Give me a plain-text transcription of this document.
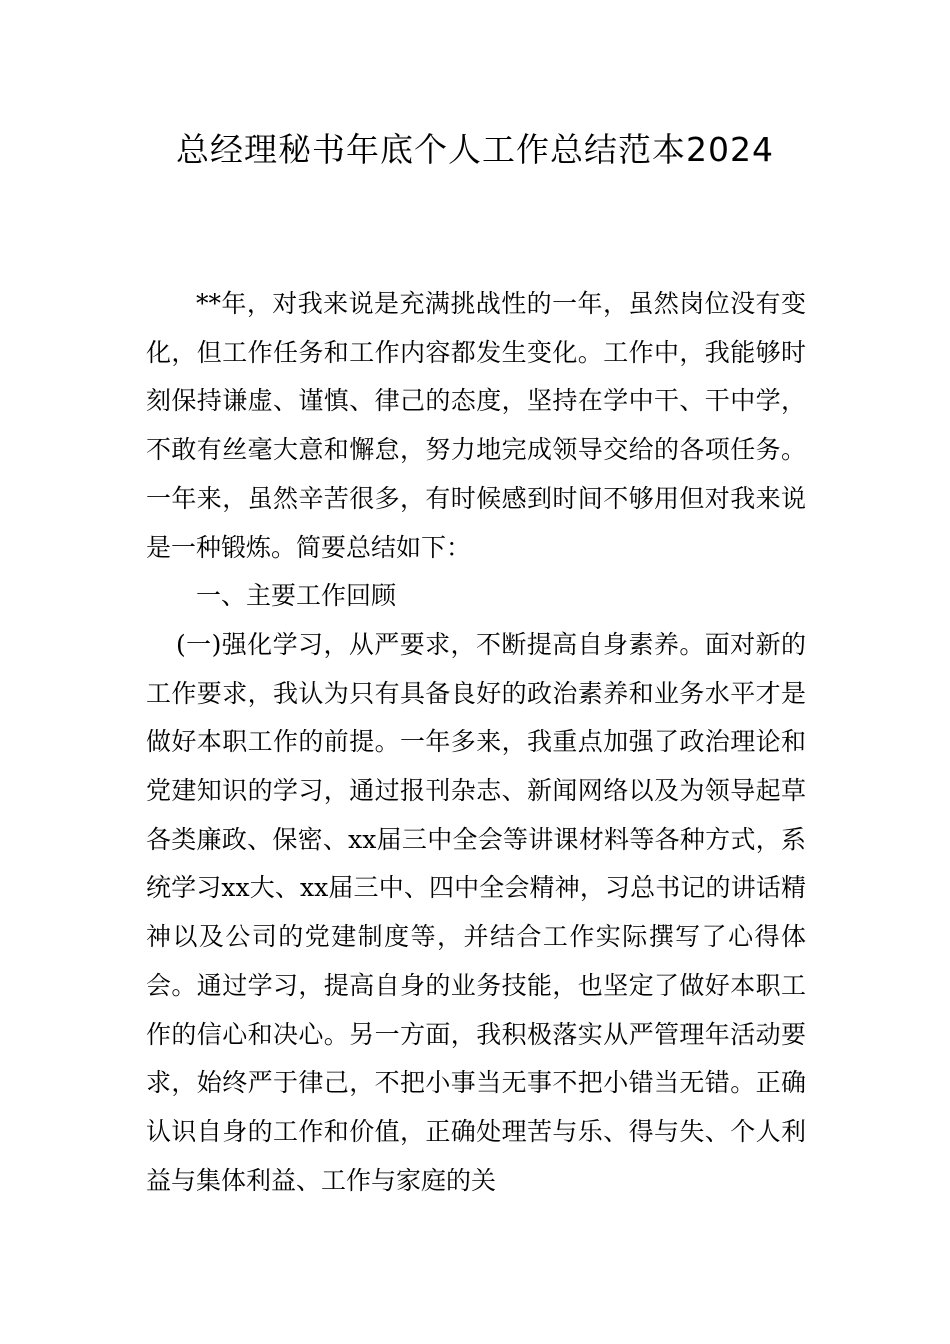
总经理秘书年底个人工作总结范本2024

**年，对我来说是充满挑战性的一年，虽然岗位没有变化，但工作任务和工作内容都发生变化。工作中，我能够时刻保持谦虚、谨慎、律己的态度，坚持在学中干、干中学，不敢有丝毫大意和懈怠，努力地完成领导交给的各项任务。一年来，虽然辛苦很多，有时候感到时间不够用但对我来说是一种锻炼。简要总结如下：

一、主要工作回顾

(一)强化学习，从严要求，不断提高自身素养。面对新的工作要求，我认为只有具备良好的政治素养和业务水平才是做好本职工作的前提。一年多来，我重点加强了政治理论和党建知识的学习，通过报刊杂志、新闻网络以及为领导起草各类廉政、保密、xx届三中全会等讲课材料等各种方式，系统学习xx大、xx届三中、四中全会精神，习总书记的讲话精神以及公司的党建制度等，并结合工作实际撰写了心得体会。通过学习，提高自身的业务技能，也坚定了做好本职工作的信心和决心。另一方面，我积极落实从严管理年活动要求，始终严于律己，不把小事当无事不把小错当无错。正确认识自身的工作和价值，正确处理苦与乐、得与失、个人利益与集体利益、工作与家庭的关
